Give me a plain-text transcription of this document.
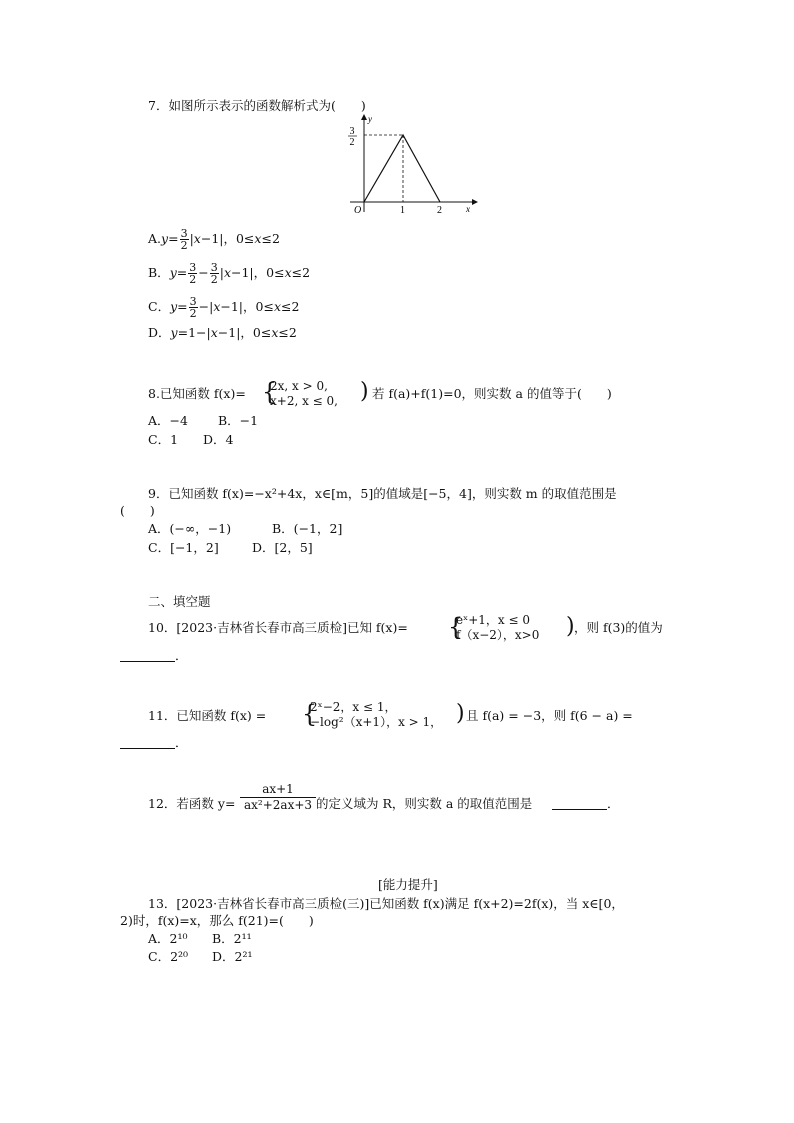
7．如图所示表示的函数解析式为(　　)
3
2
1	2
O	x
y
$A.y= \frac{3}{2} |x-1|$，0≤x≤2
B．$y= \frac{3}{2} - \frac{3}{2} |x-1|$，0≤x≤2
C．$y= \frac{3}{2} -|x-1|$，0≤x≤2
D．y=1−|x−1|，0≤x≤2
8.已知函数 f(x)= {
2x, x > 0,
x+2, x ≤ 0, ) 若 f(a)+f(1)=0，则实数 a 的值等于(　　)
A．−4 B．−1
C．1 D．4
9．已知函数 f(x)=−x²+4x，x∈[m，5]的值域是[−5，4]，则实数 m 的取值范围是
(　　)
A．(−∞，−1)	B．(−1，2]
C．[−1，2]	D．[2，5]
二、填空题
10．[2023·吉林省长春市高三质检]已知 f(x)= {
eˣ+1，x ≤ 0
f（x−2），x>0 ) ，则 f(3)的值为
．
11．已知函数 f(x) = {
2ˣ−2，x ≤ 1，
−log²（x+1），x > 1， ) 且 f(a) = −3，则 f(6 − a) =
．
12．若函数 $y= \frac{ax+1}{\text{ax²+2ax+3}}$ 的定义域为 R，则实数 a 的取值范围是	．
[能力提升]
13．[2023·吉林省长春市高三质检(三)]已知函数 f(x)满足 f(x+2)=2f(x)，当 x∈[0，
2)时，f(x)=x，那么 f(21)=(　　)
A．2¹⁰ B．2¹¹
C．2²⁰ D．2²¹
